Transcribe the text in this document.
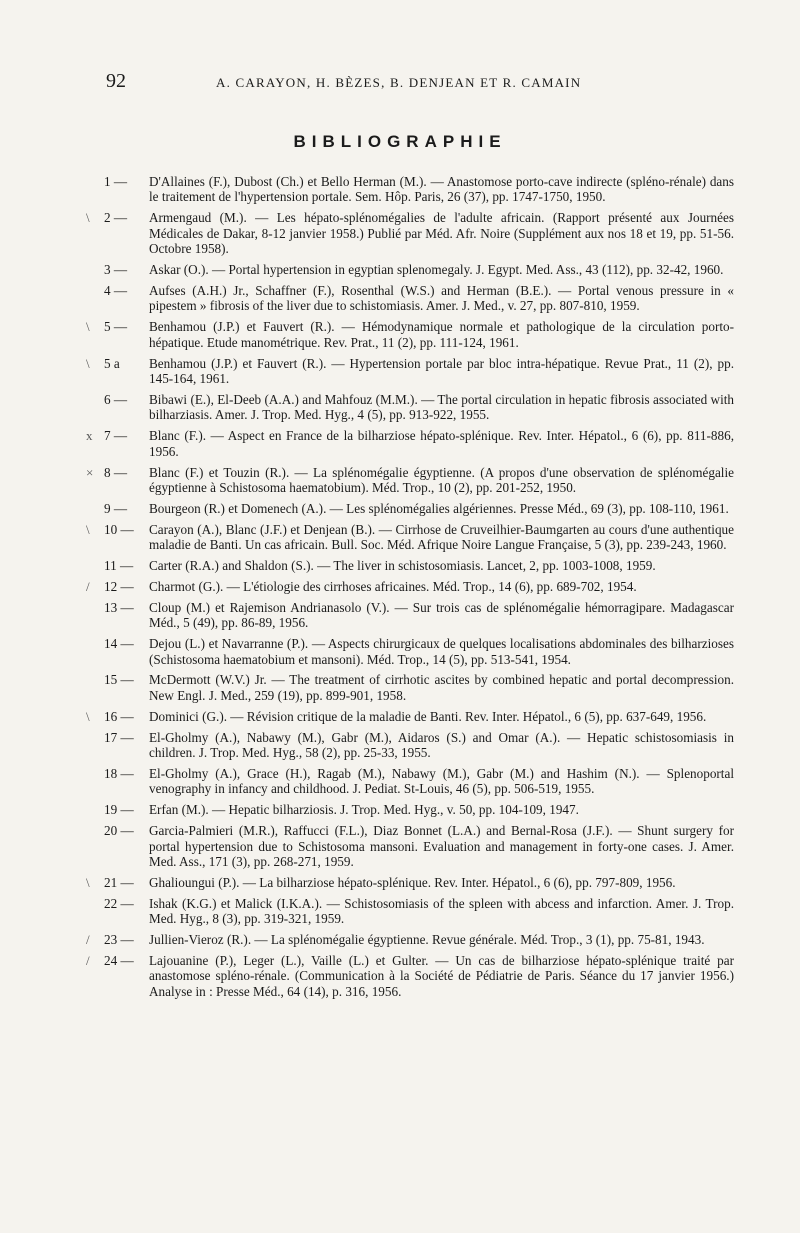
92	A. CARAYON, H. BÈZES, B. DENJEAN ET R. CAMAIN
BIBLIOGRAPHIE
1 —	D'Allaines (F.), Dubost (Ch.) et Bello Herman (M.). — Anastomose porto-cave indirecte (spléno-rénale) dans le traitement de l'hypertension portale. Sem. Hôp. Paris, 26 (37), pp. 1747-1750, 1950.
\ 2 —	Armengaud (M.). — Les hépato-splénomégalies de l'adulte africain. (Rapport présenté aux Journées Médicales de Dakar, 8-12 janvier 1958.) Publié par Méd. Afr. Noire (Supplément aux nos 18 et 19, pp. 51-56. Octobre 1958).
3 —	Askar (O.). — Portal hypertension in egyptian splenomegaly. J. Egypt. Med. Ass., 43 (112), pp. 32-42, 1960.
4 —	Aufses (A.H.) Jr., Schaffner (F.), Rosenthal (W.S.) and Herman (B.E.). — Portal venous pressure in « pipestem » fibrosis of the liver due to schistomiasis. Amer. J. Med., v. 27, pp. 807-810, 1959.
\ 5 —	Benhamou (J.P.) et Fauvert (R.). — Hémodynamique normale et pathologique de la circulation porto-hépatique. Etude manométrique. Rev. Prat., 11 (2), pp. 111-124, 1961.
\ 5 a	Benhamou (J.P.) et Fauvert (R.). — Hypertension portale par bloc intra-hépatique. Revue Prat., 11 (2), pp. 145-164, 1961.
6 —	Bibawi (E.), El-Deeb (A.A.) and Mahfouz (M.M.). — The portal circulation in hepatic fibrosis associated with bilharziasis. Amer. J. Trop. Med. Hyg., 4 (5), pp. 913-922, 1955.
x 7 —	Blanc (F.). — Aspect en France de la bilharziose hépato-splénique. Rev. Inter. Hépatol., 6 (6), pp. 811-886, 1956.
× 8 —	Blanc (F.) et Touzin (R.). — La splénomégalie égyptienne. (A propos d'une observation de splénomégalie égyptienne à Schistosoma haematobium). Méd. Trop., 10 (2), pp. 201-252, 1950.
9 —	Bourgeon (R.) et Domenech (A.). — Les splénomégalies algériennes. Presse Méd., 69 (3), pp. 108-110, 1961.
\ 10 —	Carayon (A.), Blanc (J.F.) et Denjean (B.). — Cirrhose de Cruveilhier-Baumgarten au cours d'une authentique maladie de Banti. Un cas africain. Bull. Soc. Méd. Afrique Noire Langue Française, 5 (3), pp. 239-243, 1960.
11 —	Carter (R.A.) and Shaldon (S.). — The liver in schistosomiasis. Lancet, 2, pp. 1003-1008, 1959.
/ 12 —	Charmot (G.). — L'étiologie des cirrhoses africaines. Méd. Trop., 14 (6), pp. 689-702, 1954.
13 —	Cloup (M.) et Rajemison Andrianasolo (V.). — Sur trois cas de splénomégalie hémorragipare. Madagascar Méd., 5 (49), pp. 86-89, 1956.
14 —	Dejou (L.) et Navarranne (P.). — Aspects chirurgicaux de quelques localisations abdominales des bilharzioses (Schistosoma haematobium et mansoni). Méd. Trop., 14 (5), pp. 513-541, 1954.
15 —	McDermott (W.V.) Jr. — The treatment of cirrhotic ascites by combined hepatic and portal decompression. New Engl. J. Med., 259 (19), pp. 899-901, 1958.
\ 16 —	Dominici (G.). — Révision critique de la maladie de Banti. Rev. Inter. Hépatol., 6 (5), pp. 637-649, 1956.
17 —	El-Gholmy (A.), Nabawy (M.), Gabr (M.), Aidaros (S.) and Omar (A.). — Hepatic schistosomiasis in children. J. Trop. Med. Hyg., 58 (2), pp. 25-33, 1955.
18 —	El-Gholmy (A.), Grace (H.), Ragab (M.), Nabawy (M.), Gabr (M.) and Hashim (N.). — Splenoportal venography in infancy and childhood. J. Pediat. St-Louis, 46 (5), pp. 506-519, 1955.
19 —	Erfan (M.). — Hepatic bilharziosis. J. Trop. Med. Hyg., v. 50, pp. 104-109, 1947.
20 —	Garcia-Palmieri (M.R.), Raffucci (F.L.), Diaz Bonnet (L.A.) and Bernal-Rosa (J.F.). — Shunt surgery for portal hypertension due to Schistosoma mansoni. Evaluation and management in forty-one cases. J. Amer. Med. Ass., 171 (3), pp. 268-271, 1959.
\ 21 —	Ghalioungui (P.). — La bilharziose hépato-splénique. Rev. Inter. Hépatol., 6 (6), pp. 797-809, 1956.
22 —	Ishak (K.G.) et Malick (I.K.A.). — Schistosomiasis of the spleen with abcess and infarction. Amer. J. Trop. Med. Hyg., 8 (3), pp. 319-321, 1959.
/ 23 —	Jullien-Vieroz (R.). — La splénomégalie égyptienne. Revue générale. Méd. Trop., 3 (1), pp. 75-81, 1943.
/ 24 —	Lajouanine (P.), Leger (L.), Vaille (L.) et Gulter. — Un cas de bilharziose hépato-splénique traité par anastomose spléno-rénale. (Communication à la Société de Pédiatrie de Paris. Séance du 17 janvier 1956.) Analyse in : Presse Méd., 64 (14), p. 316, 1956.
